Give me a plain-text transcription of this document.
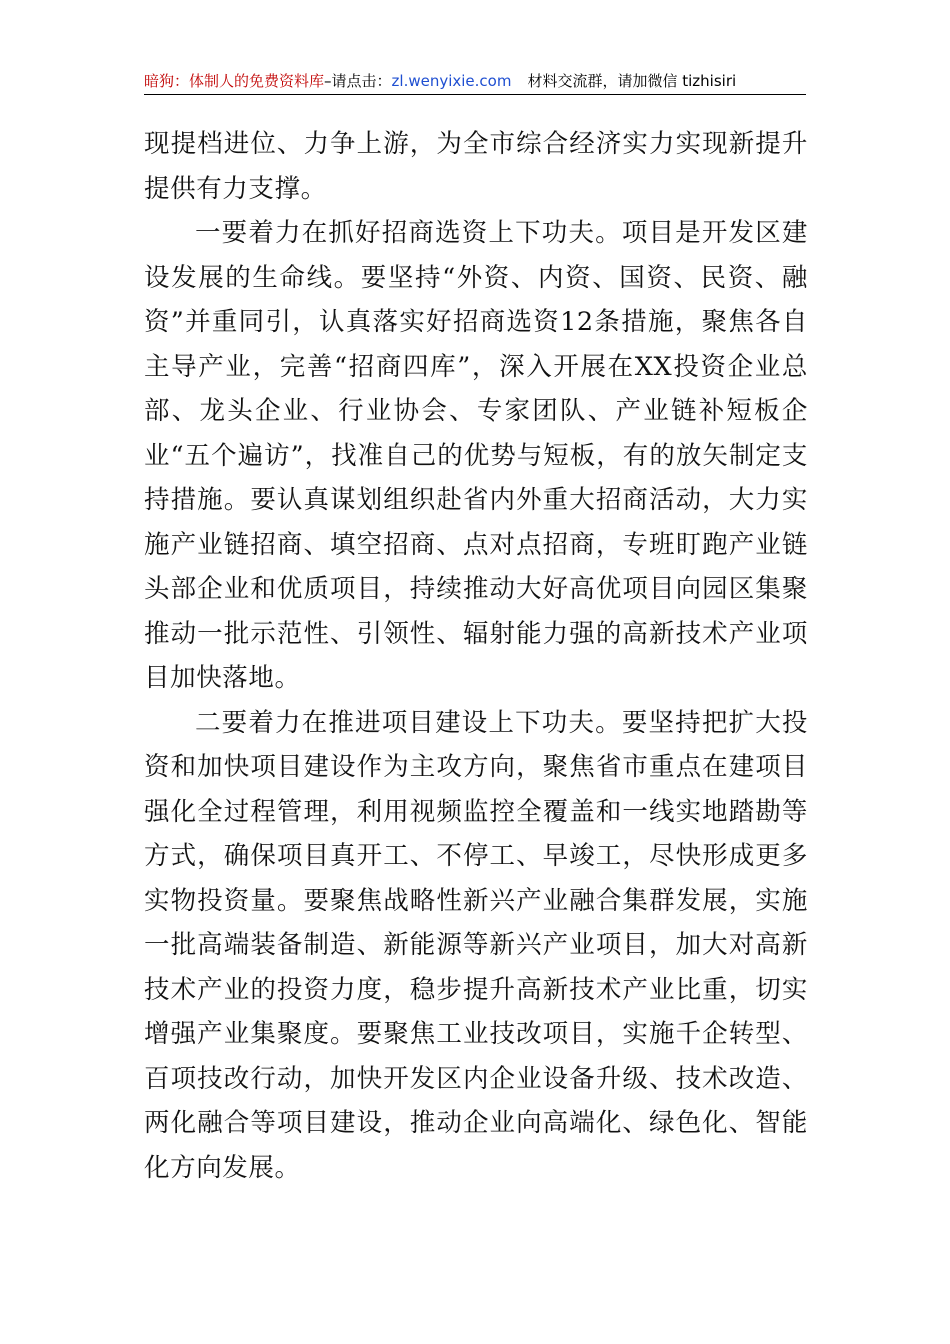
暗狗：体制人的免费资料库–请点击：zl.wenyixie.com 材料交流群，请加微信 tizhisiri

现提档进位、力争上游，为全市综合经济实力实现新提升提供有力支撑。

一要着力在抓好招商选资上下功夫。项目是开发区建设发展的生命线。要坚持“外资、内资、国资、民资、融资”并重同引，认真落实好招商选资12条措施，聚焦各自主导产业，完善“招商四库”，深入开展在XX投资企业总部、龙头企业、行业协会、专家团队、产业链补短板企业“五个遍访”，找准自己的优势与短板，有的放矢制定支持措施。要认真谋划组织赴省内外重大招商活动，大力实施产业链招商、填空招商、点对点招商，专班盯跑产业链头部企业和优质项目，持续推动大好高优项目向园区集聚推动一批示范性、引领性、辐射能力强的高新技术产业项目加快落地。

二要着力在推进项目建设上下功夫。要坚持把扩大投资和加快项目建设作为主攻方向，聚焦省市重点在建项目强化全过程管理，利用视频监控全覆盖和一线实地踏勘等方式，确保项目真开工、不停工、早竣工，尽快形成更多实物投资量。要聚焦战略性新兴产业融合集群发展，实施一批高端装备制造、新能源等新兴产业项目，加大对高新技术产业的投资力度，稳步提升高新技术产业比重，切实增强产业集聚度。要聚焦工业技改项目，实施千企转型、百项技改行动，加快开发区内企业设备升级、技术改造、两化融合等项目建设，推动企业向高端化、绿色化、智能化方向发展。
